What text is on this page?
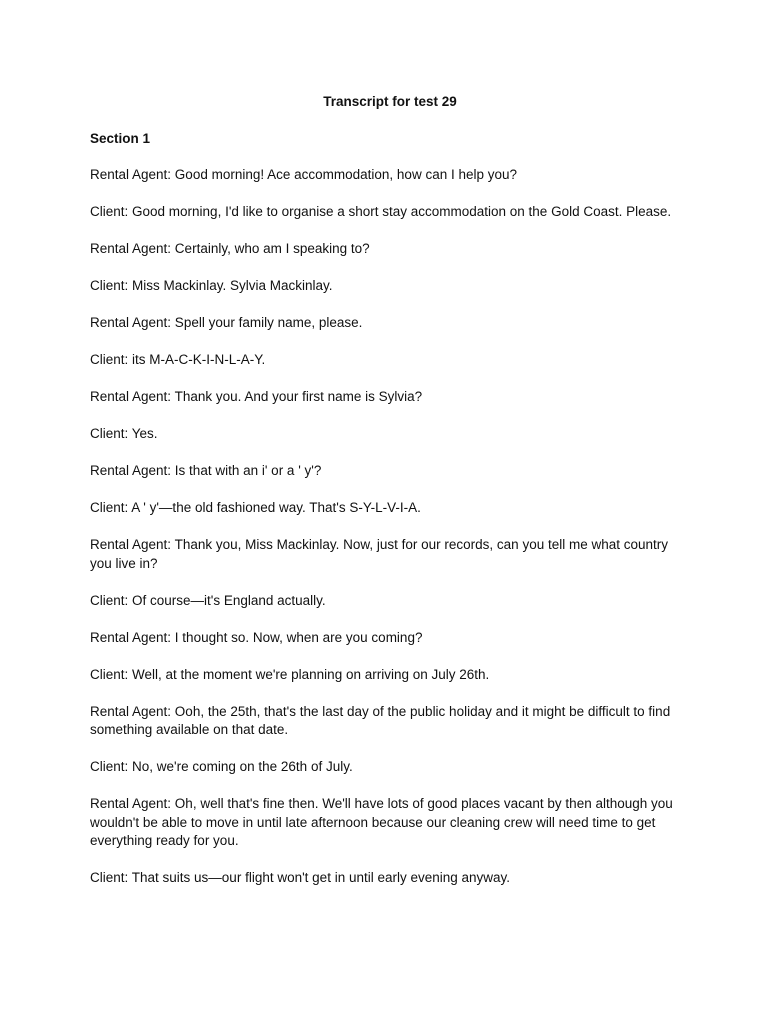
Transcript for test 29
Section 1

Rental Agent: Good morning! Ace accommodation, how can I help you?

Client: Good morning, I'd like to organise a short stay accommodation on the Gold Coast. Please.

Rental Agent: Certainly, who am I speaking to?

Client: Miss Mackinlay. Sylvia Mackinlay.

Rental Agent: Spell your family name, please.

Client: its M-A-C-K-I-N-L-A-Y.

Rental Agent: Thank you. And your first name is Sylvia?

Client: Yes.

Rental Agent: Is that with an i' or a ' y'?

Client: A ' y'—the old fashioned way. That's S-Y-L-V-I-A.

Rental Agent: Thank you, Miss Mackinlay. Now, just for our records, can you tell me what country you live in?

Client: Of course—it's England actually.

Rental Agent: I thought so. Now, when are you coming?

Client: Well, at the moment we're planning on arriving on July 26th.

Rental Agent: Ooh, the 25th, that's the last day of the public holiday and it might be difficult to find something available on that date.

Client: No, we're coming on the 26th of July.

Rental Agent: Oh, well that's fine then. We'll have lots of good places vacant by then although you wouldn't be able to move in until late afternoon because our cleaning crew will need time to get everything ready for you.

Client: That suits us—our flight won't get in until early evening anyway.
